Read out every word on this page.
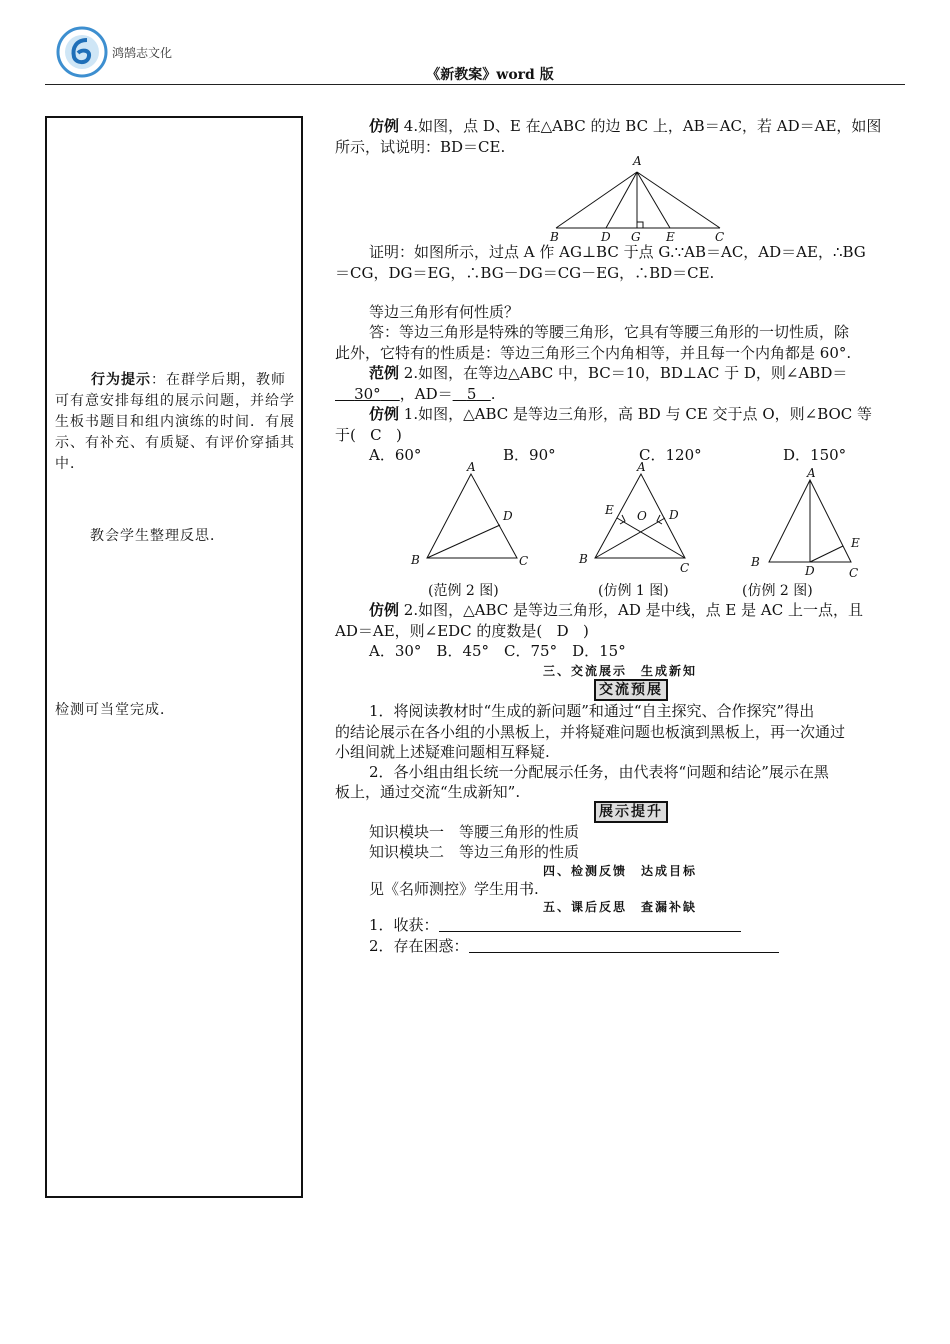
鸿鹄志文化
《新教案》word 版
行为提示：在群学后期，教师可有意安排每组的展示问题，并给学生板书题目和组内演练的时间．有展示、有补充、有质疑、有评价穿插其中．
教会学生整理反思．
检测可当堂完成．
仿例 4.如图，点 D、E 在△ABC 的边 BC 上，AB＝AC，若 AD＝AE，如图
所示，试说明：BD＝CE.
A
B	D G E	C
证明：如图所示，过点 A 作 AG⊥BC 于点 G.∵AB＝AC，AD＝AE，∴BG
＝CG，DG＝EG，∴BG－DG＝CG－EG，∴BD＝CE.
等边三角形有何性质？
答：等边三角形是特殊的等腰三角形，它具有等腰三角形的一切性质，除
此外，它特有的性质是：等边三角形三个内角相等，并且每一个内角都是 60°.
范例 2.如图，在等边△ABC 中，BC＝10，BD⊥AC 于 D，则∠ABD＝
30° ，AD＝ 5 .
仿例 1.如图，△ABC 是等边三角形，高 BD 与 CE 交于点 O，则∠BOC 等
于( C )
A．60°	B．90°	C．120°	D．150°
A
B	C
D
A
B
C
E	D
O
A
B
C
D
E
(范例 2 图)	(仿例 1 图)	(仿例 2 图)
仿例 2.如图，△ABC 是等边三角形，AD 是中线，点 E 是 AC 上一点，且
AD＝AE，则∠EDC 的度数是( D )
A．30°　B．45°　C．75°　D．15°
三、交流展示　生成新知
交流预展
1．将阅读教材时“生成的新问题”和通过“自主探究、合作探究”得出
的结论展示在各小组的小黑板上，并将疑难问题也板演到黑板上，再一次通过
小组间就上述疑难问题相互释疑.
2．各小组由组长统一分配展示任务，由代表将“问题和结论”展示在黑
板上，通过交流“生成新知”.
展示提升
知识模块一　等腰三角形的性质
知识模块二　等边三角形的性质
四、检测反馈　达成目标
见《名师测控》学生用书.
五、课后反思　查漏补缺
1．收获：
2．存在困惑：
